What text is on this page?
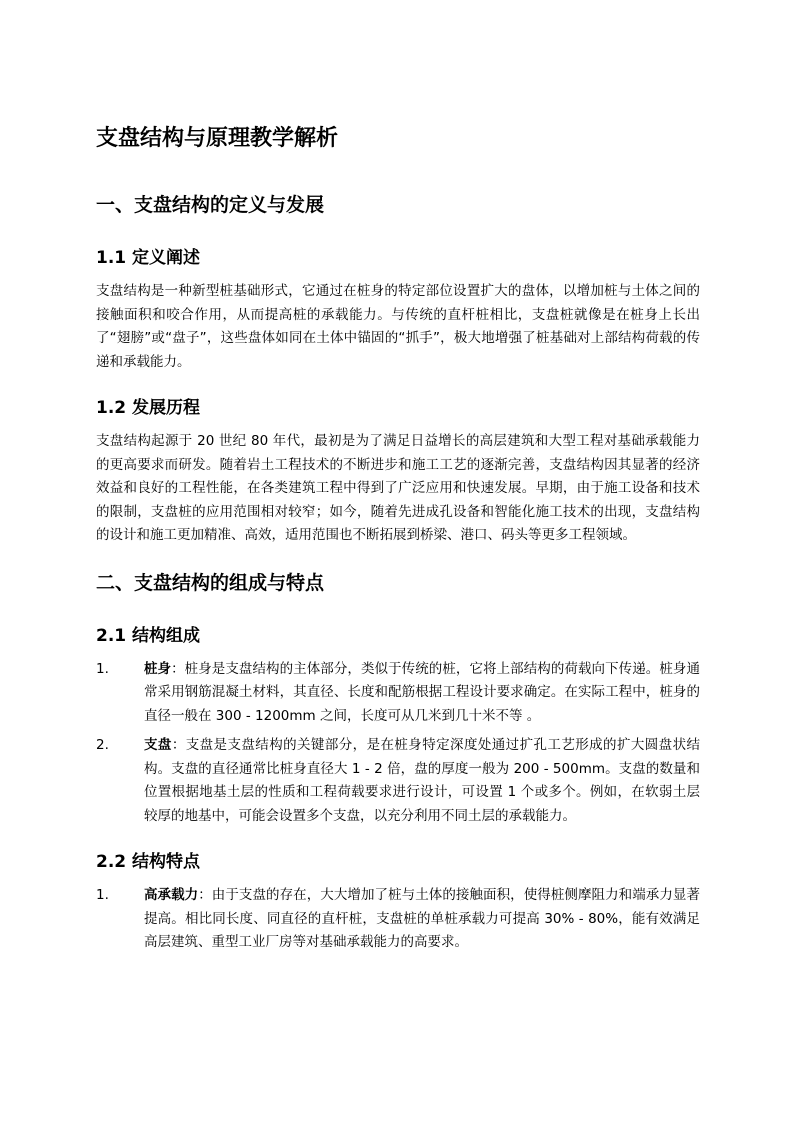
支盘结构与原理教学解析
一、支盘结构的定义与发展
1.1 定义阐述

支盘结构是一种新型桩基础形式，它通过在桩身的特定部位设置扩大的盘体，以增加桩与土体之间的接触面积和咬合作用，从而提高桩的承载能力。与传统的直杆桩相比，支盘桩就像是在桩身上长出了“翅膀”或“盘子”，这些盘体如同在土体中锚固的“抓手”，极大地增强了桩基础对上部结构荷载的传递和承载能力。

1.2 发展历程

支盘结构起源于 20 世纪 80 年代，最初是为了满足日益增长的高层建筑和大型工程对基础承载能力的更高要求而研发。随着岩土工程技术的不断进步和施工工艺的逐渐完善，支盘结构因其显著的经济效益和良好的工程性能，在各类建筑工程中得到了广泛应用和快速发展。早期，由于施工设备和技术的限制，支盘桩的应用范围相对较窄；如今，随着先进成孔设备和智能化施工技术的出现，支盘结构的设计和施工更加精准、高效，适用范围也不断拓展到桥梁、港口、码头等更多工程领域。

二、支盘结构的组成与特点
2.1 结构组成
1.	桩身：桩身是支盘结构的主体部分，类似于传统的桩，它将上部结构的荷载向下传递。桩身通常采用钢筋混凝土材料，其直径、长度和配筋根据工程设计要求确定。在实际工程中，桩身的直径一般在 300 - 1200mm 之间，长度可从几米到几十米不等 。
2.	支盘：支盘是支盘结构的关键部分，是在桩身特定深度处通过扩孔工艺形成的扩大圆盘状结构。支盘的直径通常比桩身直径大 1 - 2 倍，盘的厚度一般为 200 - 500mm。支盘的数量和位置根据地基土层的性质和工程荷载要求进行设计，可设置 1 个或多个。例如，在软弱土层较厚的地基中，可能会设置多个支盘，以充分利用不同土层的承载能力。
2.2 结构特点
1.	高承载力：由于支盘的存在，大大增加了桩与土体的接触面积，使得桩侧摩阻力和端承力显著提高。相比同长度、同直径的直杆桩，支盘桩的单桩承载力可提高 30% - 80%，能有效满足高层建筑、重型工业厂房等对基础承载能力的高要求。
